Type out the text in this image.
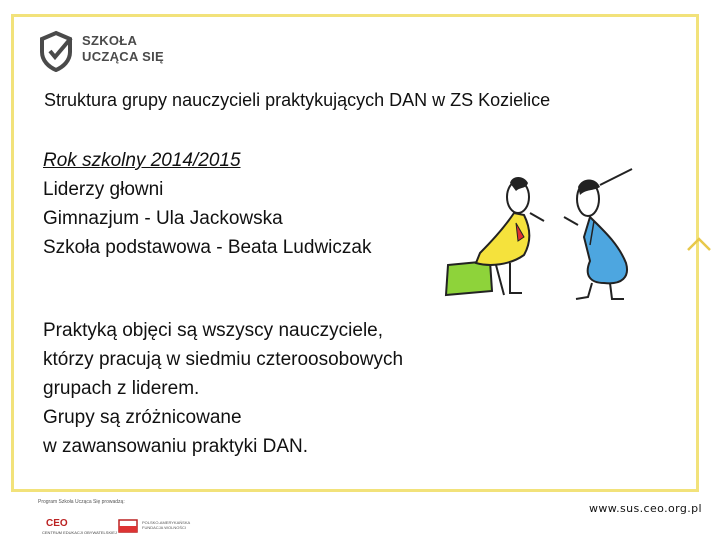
SZKOŁA
UCZĄCA SIĘ
Struktura grupy nauczycieli praktykujących DAN w ZS Kozielice
Rok szkolny 2014/2015
Liderzy głowni
Gimnazjum - Ula Jackowska
Szkoła podstawowa - Beata Ludwiczak
Praktyką objęci są wszyscy nauczyciele,
którzy pracują w siedmiu czteroosobowych
grupach z liderem.
Grupy są zróżnicowane
w zawansowaniu praktyki DAN.
Program Szkoła Ucząca Się prowadzą:
CEO
CENTRUM EDUKACJI OBYWATELSKIEJ
POLSKO-AMERYKAŃSKA
FUNDACJA WOLNOŚCI
www.sus.ceo.org.pl
